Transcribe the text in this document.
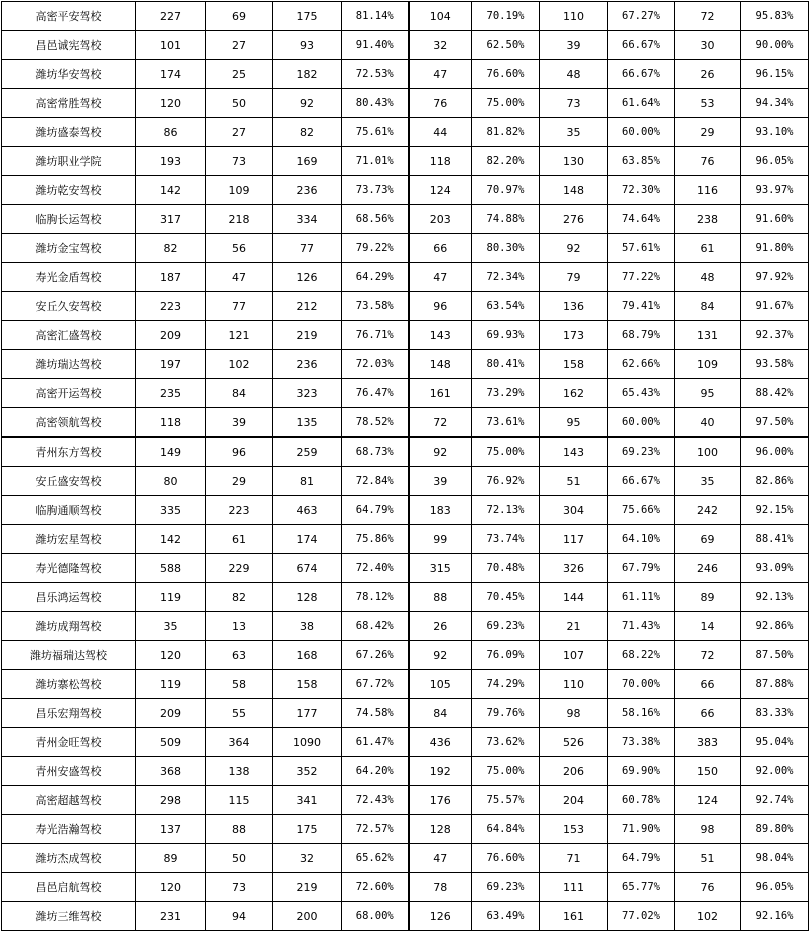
高密平安驾校	227	69	175	81.14%	104	70.19%	110	67.27%	72	95.83%
昌邑诚宪驾校	101	27	93	91.40%	32	62.50%	39	66.67%	30	90.00%
潍坊华安驾校	174	25	182	72.53%	47	76.60%	48	66.67%	26	96.15%
高密常胜驾校	120	50	92	80.43%	76	75.00%	73	61.64%	53	94.34%
潍坊盛泰驾校	86	27	82	75.61%	44	81.82%	35	60.00%	29	93.10%
潍坊职业学院	193	73	169	71.01%	118	82.20%	130	63.85%	76	96.05%
潍坊乾安驾校	142	109	236	73.73%	124	70.97%	148	72.30%	116	93.97%
临朐长运驾校	317	218	334	68.56%	203	74.88%	276	74.64%	238	91.60%
潍坊金宝驾校	82	56	77	79.22%	66	80.30%	92	57.61%	61	91.80%
寿光金盾驾校	187	47	126	64.29%	47	72.34%	79	77.22%	48	97.92%
安丘久安驾校	223	77	212	73.58%	96	63.54%	136	79.41%	84	91.67%
高密汇盛驾校	209	121	219	76.71%	143	69.93%	173	68.79%	131	92.37%
潍坊瑞达驾校	197	102	236	72.03%	148	80.41%	158	62.66%	109	93.58%
高密开运驾校	235	84	323	76.47%	161	73.29%	162	65.43%	95	88.42%
高密领航驾校	118	39	135	78.52%	72	73.61%	95	60.00%	40	97.50%
青州东方驾校	149	96	259	68.73%	92	75.00%	143	69.23%	100	96.00%
安丘盛安驾校	80	29	81	72.84%	39	76.92%	51	66.67%	35	82.86%
临朐通顺驾校	335	223	463	64.79%	183	72.13%	304	75.66%	242	92.15%
潍坊宏星驾校	142	61	174	75.86%	99	73.74%	117	64.10%	69	88.41%
寿光德隆驾校	588	229	674	72.40%	315	70.48%	326	67.79%	246	93.09%
昌乐鸿运驾校	119	82	128	78.12%	88	70.45%	144	61.11%	89	92.13%
潍坊成翔驾校	35	13	38	68.42%	26	69.23%	21	71.43%	14	92.86%
潍坊福瑞达驾校	120	63	168	67.26%	92	76.09%	107	68.22%	72	87.50%
潍坊寨松驾校	119	58	158	67.72%	105	74.29%	110	70.00%	66	87.88%
昌乐宏翔驾校	209	55	177	74.58%	84	79.76%	98	58.16%	66	83.33%
青州金旺驾校	509	364	1090	61.47%	436	73.62%	526	73.38%	383	95.04%
青州安盛驾校	368	138	352	64.20%	192	75.00%	206	69.90%	150	92.00%
高密超越驾校	298	115	341	72.43%	176	75.57%	204	60.78%	124	92.74%
寿光浩瀚驾校	137	88	175	72.57%	128	64.84%	153	71.90%	98	89.80%
潍坊杰成驾校	89	50	32	65.62%	47	76.60%	71	64.79%	51	98.04%
昌邑启航驾校	120	73	219	72.60%	78	69.23%	111	65.77%	76	96.05%
潍坊三维驾校	231	94	200	68.00%	126	63.49%	161	77.02%	102	92.16%
